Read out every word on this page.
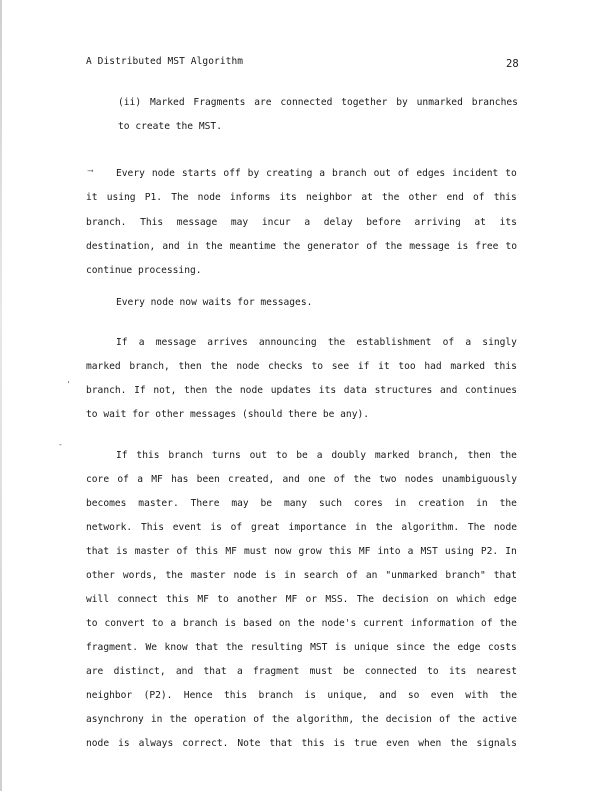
A Distributed MST Algorithm	28
⟶
'
-
(ii) Marked Fragments are connected together by unmarked branches
to create the MST.
Every node starts off by creating a branch out of edges incident to
it using P1. The node informs its neighbor at the other end of this
branch. This message may incur a delay before arriving at its
destination, and in the meantime the generator of the message is free to
continue processing.
Every node now waits for messages.
If a message arrives announcing the establishment of a singly
marked branch, then the node checks to see if it too had marked this
branch. If not, then the node updates its data structures and continues
to wait for other messages (should there be any).
If this branch turns out to be a doubly marked branch, then the
core of a MF has been created, and one of the two nodes unambiguously
becomes master. There may be many such cores in creation in the
network. This event is of great importance in the algorithm. The node
that is master of this MF must now grow this MF into a MST using P2. In
other words, the master node is in search of an "unmarked branch" that
will connect this MF to another MF or MSS. The decision on which edge
to convert to a branch is based on the node's current information of the
fragment. We know that the resulting MST is unique since the edge costs
are distinct, and that a fragment must be connected to its nearest
neighbor (P2). Hence this branch is unique, and so even with the
asynchrony in the operation of the algorithm, the decision of the active
node is always correct. Note that this is true even when the signals
